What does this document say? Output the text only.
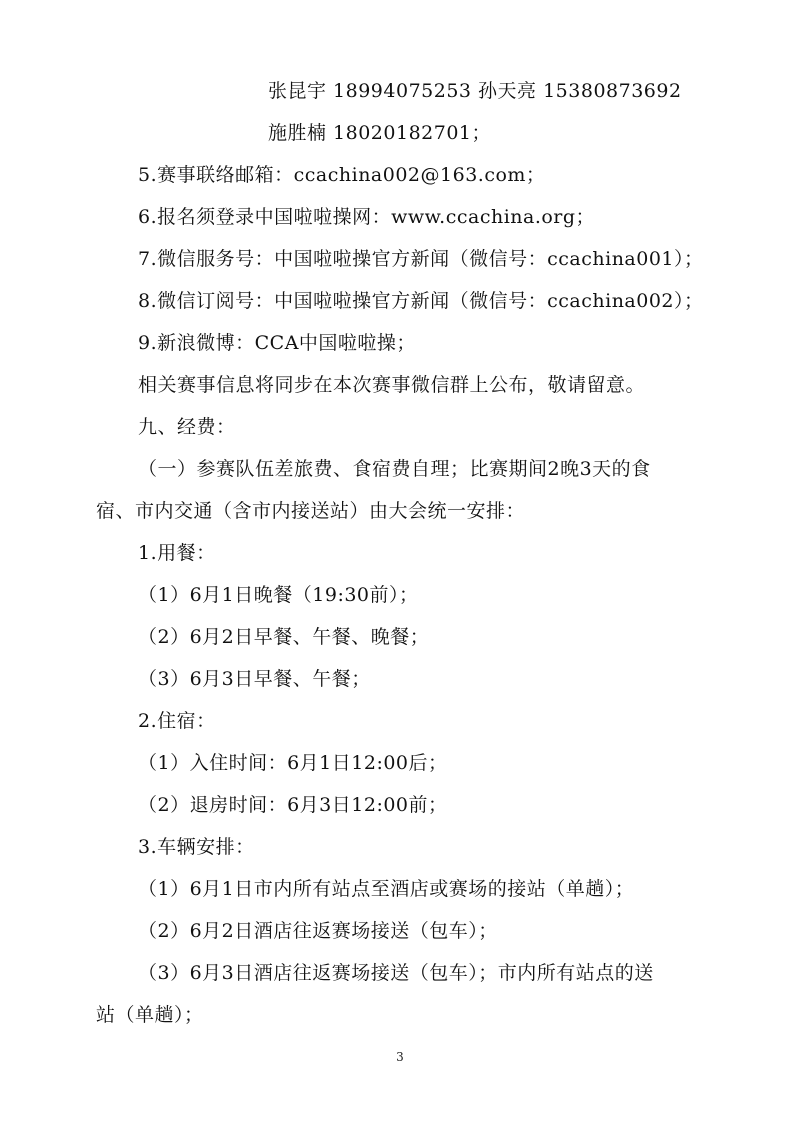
张昆宇 18994075253 孙天亮 15380873692
施胜楠 18020182701；
5.赛事联络邮箱：ccachina002@163.com；
6.报名须登录中国啦啦操网：www.ccachina.org；
7.微信服务号：中国啦啦操官方新闻（微信号：ccachina001）；
8.微信订阅号：中国啦啦操官方新闻（微信号：ccachina002）；
9.新浪微博：CCA中国啦啦操；
相关赛事信息将同步在本次赛事微信群上公布，敬请留意。
九、经费：
（一）参赛队伍差旅费、食宿费自理；比赛期间2晚3天的食
宿、市内交通（含市内接送站）由大会统一安排：
1.用餐：
（1）6月1日晚餐（19:30前）；
（2）6月2日早餐、午餐、晚餐；
（3）6月3日早餐、午餐；
2.住宿：
（1）入住时间：6月1日12:00后；
（2）退房时间：6月3日12:00前；
3.车辆安排：
（1）6月1日市内所有站点至酒店或赛场的接站（单趟）；
（2）6月2日酒店往返赛场接送（包车）；
（3）6月3日酒店往返赛场接送（包车）；市内所有站点的送
站（单趟）；
3
